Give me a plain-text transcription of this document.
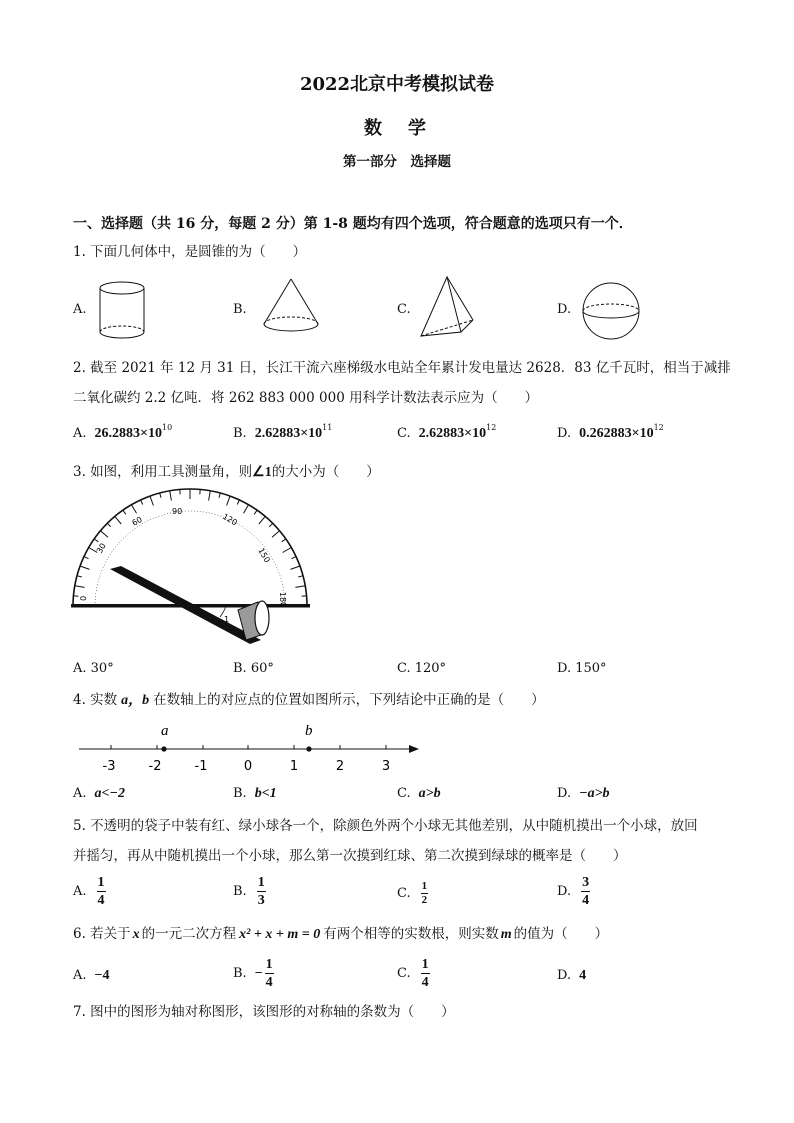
2022北京中考模拟试卷
数　学
第一部分　选择题
一、选择题（共 16 分，每题 2 分）第 1-8 题均有四个选项，符合题意的选项只有一个．
1. 下面几何体中，是圆锥的为（　　）
A.	B.	C.	D.
2. 截至 2021 年 12 月 31 日，长江干流六座梯级水电站全年累计发电量达 2628．83 亿千瓦时，相当于减排
二氧化碳约 2.2 亿吨．将 262 883 000 000 用科学计数法表示应为（　　）
A. $26.2883\times 10^{10}$	B. $2.62883\times 10^{11}$	C. $2.62883\times 10^{12}$	D. $0.262883\times 10^{12}$
3. 如图，利用工具测量角，则∠1的大小为（　　）
0
30
60
90
120
150
180
1
A. 30°	B. 60°	C. 120°	D. 150°
4. 实数 a，b 在数轴上的对应点的位置如图所示，下列结论中正确的是（　　）
-3	-2	-1	0	1	2	3
a	b
A. a<−2	B. b<1	C. a>b	D. −a>b
5. 不透明的袋子中装有红、绿小球各一个，除颜色外两个小球无其他差别，从中随机摸出一个小球，放回
并摇匀，再从中随机摸出一个小球，那么第一次摸到红球、第二次摸到绿球的概率是（　　）
A. $\frac{1}{4}$	B. $\frac{1}{3}$	C. $\frac{1}{2}$	D. $\frac{3}{4}$
6. 若关于 x 的一元二次方程 x² + x + m = 0 有两个相等的实数根，则实数 m 的值为（　　）
A. −4	B. − $\frac{1}{4}$	C. $\frac{1}{4}$	D. 4
7. 图中的图形为轴对称图形，该图形的对称轴的条数为（　　）
